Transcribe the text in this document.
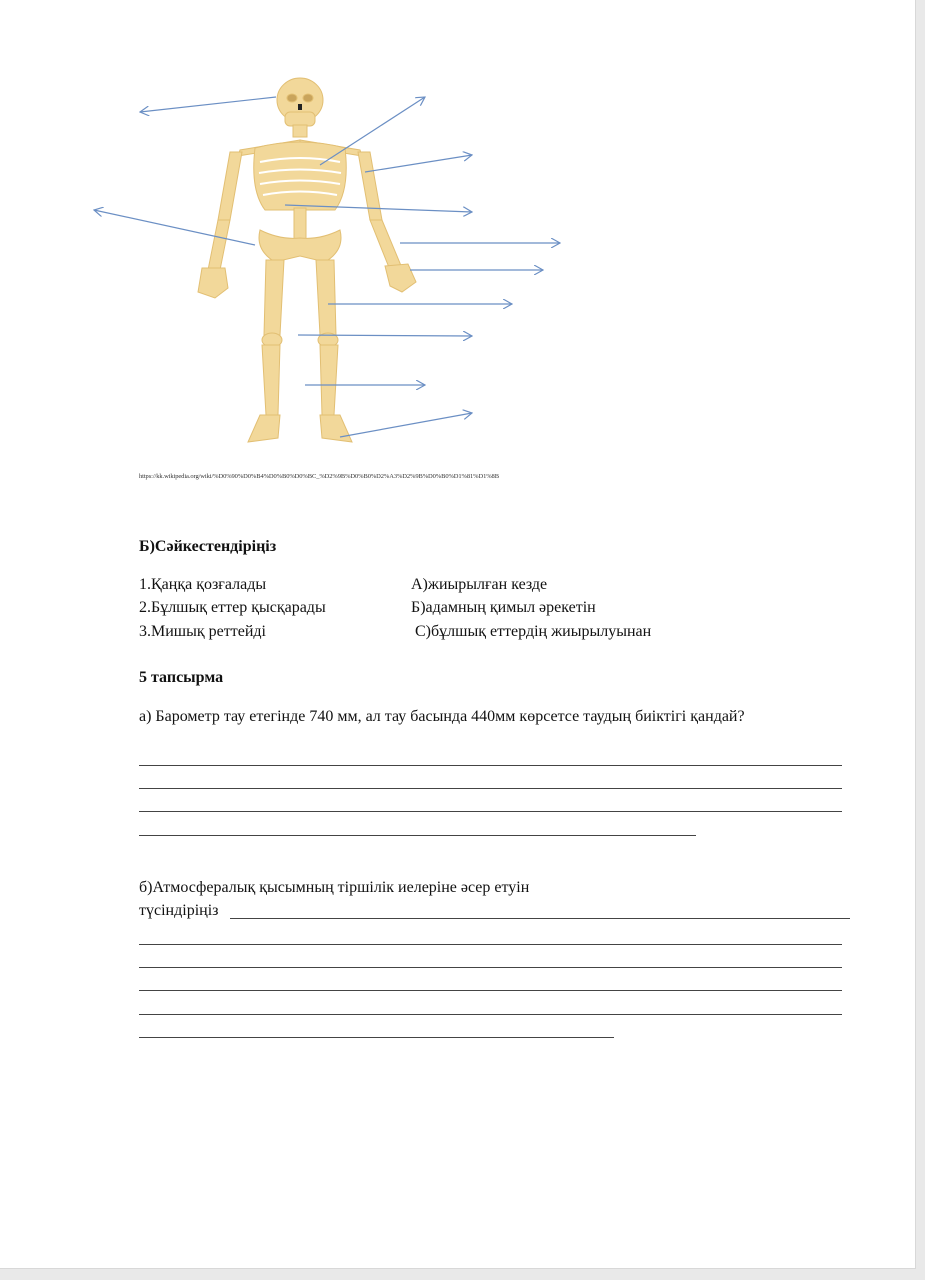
https://kk.wikipedia.org/wiki/%D0%90%D0%B4%D0%B0%D0%BC_%D2%9B%D0%B0%D2%A3%D2%9B%D0%B0%D1%81%D1%8B
Б)Сәйкестендіріңіз
1.Қаңқа қозғалады
2.Бұлшық еттер қысқарады
3.Мишық реттейді
А)жиырылған кезде
Б)адамның қимыл әрекетін
С)бұлшық еттердің жиырылуынан
5 тапсырма
а) Барометр тау етегінде 740 мм, ал тау басында 440мм көрсетсе таудың биіктігі қандай?
б)Атмосфералық қысымның тіршілік иелеріне әсер етуін
түсіндіріңіз
